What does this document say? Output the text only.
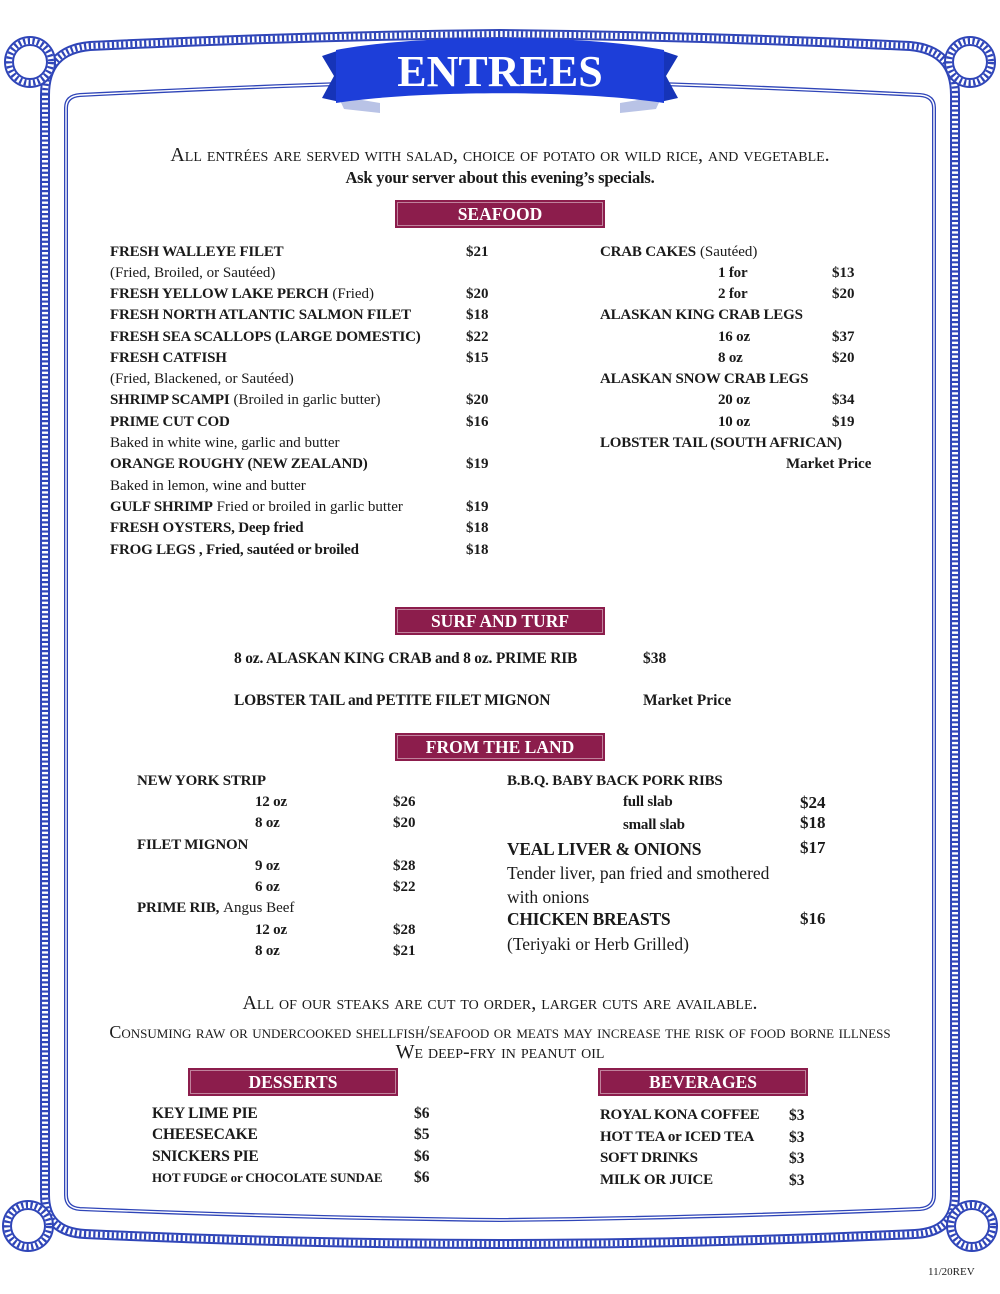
ENTREES
All entrées are served with salad, choice of potato or wild rice, and vegetable.
Ask your server about this evening’s specials.
SEAFOOD
FRESH WALLEYE FILET	$21
(Fried, Broiled, or Sautéed)
FRESH YELLOW LAKE PERCH (Fried)	$20
FRESH NORTH ATLANTIC SALMON FILET	$18
FRESH SEA SCALLOPS (LARGE DOMESTIC)	$22
FRESH CATFISH	$15
(Fried, Blackened, or Sautéed)
SHRIMP SCAMPI (Broiled in garlic butter)	$20
PRIME CUT COD	$16
Baked in white wine, garlic and butter
ORANGE ROUGHY (NEW ZEALAND)	$19
Baked in lemon, wine and butter
GULF SHRIMP Fried or broiled in garlic butter	$19
FRESH OYSTERS, Deep fried	$18
FROG LEGS , Fried, sautéed or broiled	$18
CRAB CAKES (Sautéed)
1 for	$13
2 for	$20
ALASKAN KING CRAB LEGS
16 oz	$37
8 oz	$20
ALASKAN SNOW CRAB LEGS
20 oz	$34
10 oz	$19
LOBSTER TAIL (SOUTH AFRICAN)
Market Price
SURF AND TURF
8 oz. ALASKAN KING CRAB and 8 oz. PRIME RIB	$38
LOBSTER TAIL and PETITE FILET MIGNON	Market Price
FROM THE LAND
NEW YORK STRIP
12 oz	$26
8 oz	$20
FILET MIGNON
9 oz	$28
6 oz	$22
PRIME RIB, Angus Beef
12 oz	$28
8 oz	$21
B.B.Q. BABY BACK PORK RIBS
full slab	$24
small slab	$18
VEAL LIVER & ONIONS	$17
Tender liver, pan fried and smothered
with onions
CHICKEN BREASTS	$16
(Teriyaki or Herb Grilled)
All of our steaks are cut to order, larger cuts are available.
Consuming raw or undercooked shellfish/seafood or meats may increase the risk of food borne illness
We deep-fry in peanut oil
DESSERTS
KEY LIME PIE	$6
CHEESECAKE	$5
SNICKERS PIE	$6
HOT FUDGE or CHOCOLATE SUNDAE $6
BEVERAGES
ROYAL KONA COFFEE $3
HOT TEA or ICED TEA $3
SOFT DRINKS	$3
MILK OR JUICE	$3
11/20REV
